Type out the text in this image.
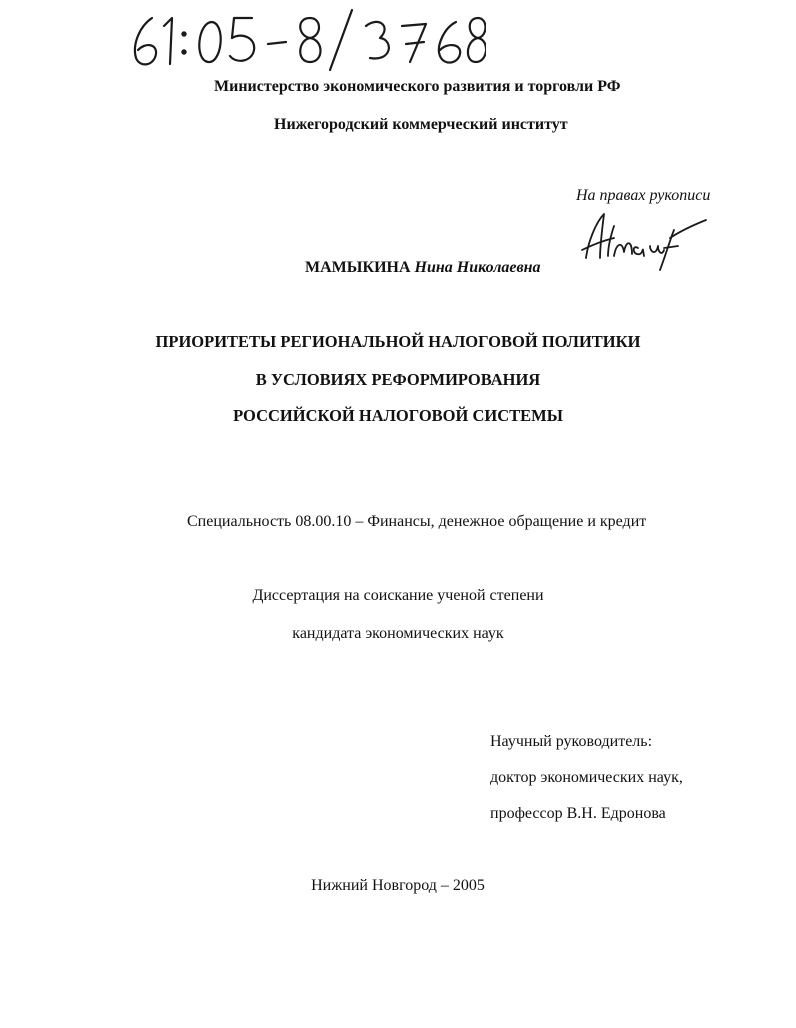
Министерство экономического развития и торговли РФ
Нижегородский коммерческий институт
На правах рукописи
МАМЫКИНА Нина Николаевна
ПРИОРИТЕТЫ РЕГИОНАЛЬНОЙ НАЛОГОВОЙ ПОЛИТИКИ
В УСЛОВИЯХ РЕФОРМИРОВАНИЯ
РОССИЙСКОЙ НАЛОГОВОЙ СИСТЕМЫ
Специальность 08.00.10 – Финансы, денежное обращение и кредит
Диссертация на соискание ученой степени
кандидата экономических наук
Научный руководитель:
доктор экономических наук,
профессор В.Н. Едронова
Нижний Новгород – 2005
